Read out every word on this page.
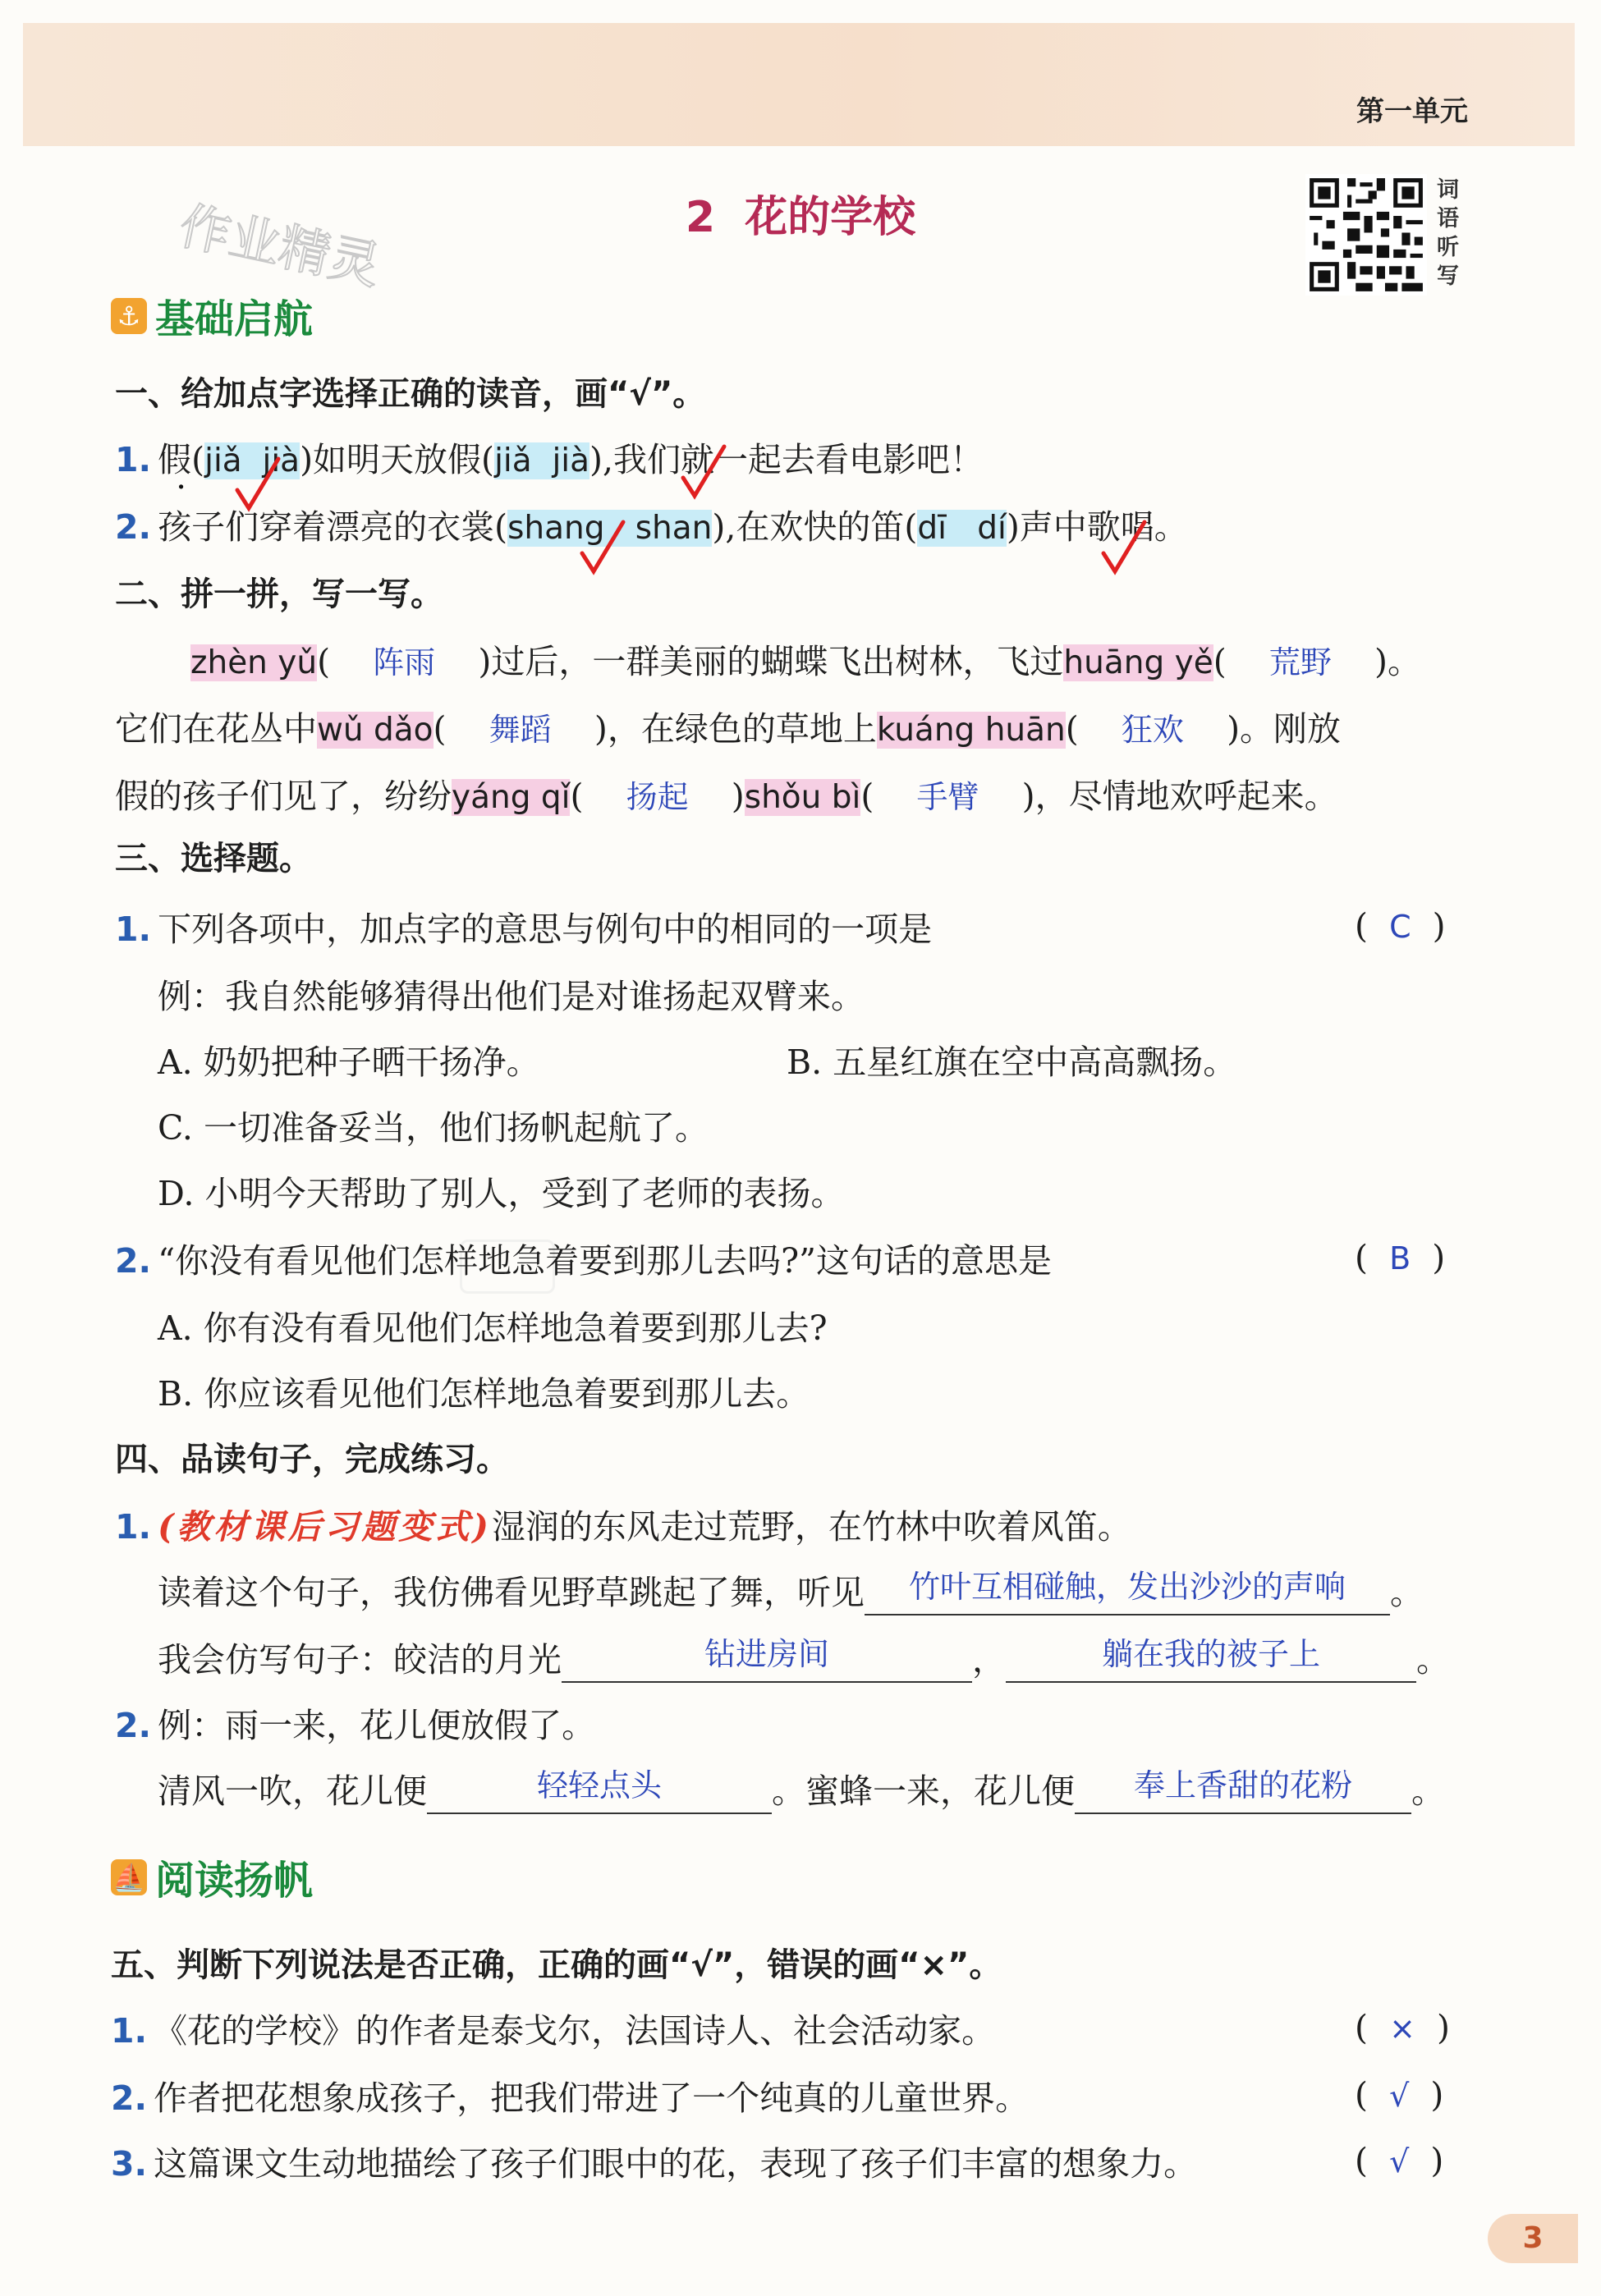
第一单元
作业精灵	2 花的学校
词语听写
⚓ 基础启航
一、给加点字选择正确的读音，画“√”。
1. 假( ·jiǎ jià)如明天放假(jiǎ jià),我们就一起去看电影吧！
2. 孩子们穿着漂亮的衣裳(shang shan),在欢快的笛(dī dí)声中歌唱。
二、拼一拼，写一写。
zhèn yǔ(    阵雨 )过后，一群美丽的蝴蝶飞出树林，飞过huāng yě(    荒野 )。
它们在花丛中wǔ dǎo(    舞蹈 )，在绿色的草地上kuáng huān(    狂欢 )。刚放
假的孩子们见了，纷纷yáng qǐ(    扬起    )shǒu bì(    手臂 )，尽情地欢呼起来。
三、选择题。
1. 下列各项中，加点字的意思与例句中的相同的一项是	(  C  )
例：我自然能够猜得出他们是对谁扬起双臂来。
A. 奶奶把种子晒干扬净。	B. 五星红旗在空中高高飘扬。
C. 一切准备妥当，他们扬帆起航了。
D. 小明今天帮助了别人，受到了老师的表扬。
2. “你没有看见他们怎样地急着要到那儿去吗?”这句话的意思是	(  B  )
A. 你有没有看见他们怎样地急着要到那儿去?
B. 你应该看见他们怎样地急着要到那儿去。
四、品读句子，完成练习。
1. (教材课后习题变式)湿润的东风走过荒野，在竹林中吹着风笛。
读着这个句子，我仿佛看见野草跳起了舞，听见 竹叶互相碰触，发出沙沙的声响 。
我会仿写句子：皎洁的月光	钻进房间	，	躺在我的被子上	。
2. 例：雨一来，花儿便放假了。
清风一吹，花儿便	轻轻点头	。蜜蜂一来，花儿便 奉上香甜的花粉 。
⛵ 阅读扬帆
五、判断下列说法是否正确，正确的画“√”，错误的画“×”。
1. 《花的学校》的作者是泰戈尔，法国诗人、社会活动家。	(  ×  )
2. 作者把花想象成孩子，把我们带进了一个纯真的儿童世界。	(  √  )
3. 这篇课文生动地描绘了孩子们眼中的花，表现了孩子们丰富的想象力。	(  √  )
3
